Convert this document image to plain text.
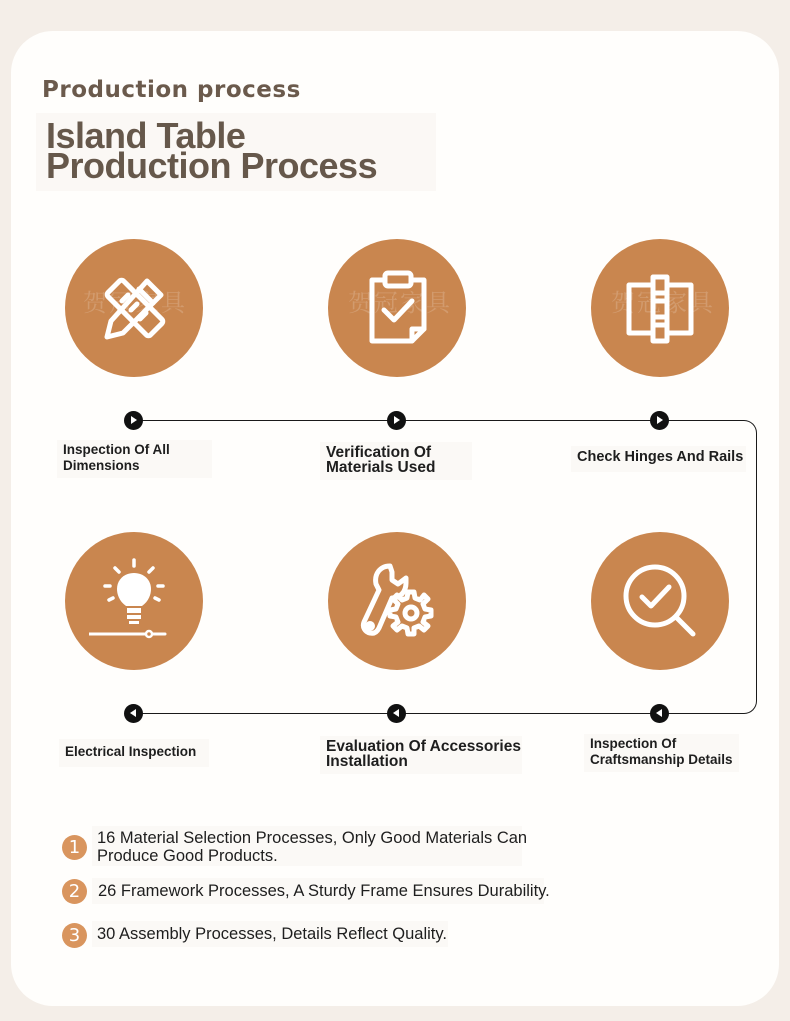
Production process
Island Table
Production Process
贺冠家具	贺冠家具	贺冠家具
Inspection Of All
Dimensions
Verification Of
Materials Used
Check Hinges And Rails
Electrical Inspection	Evaluation Of Accessories
Installation
Inspection Of
Craftsmanship Details
1	16 Material Selection Processes, Only Good Materials Can
Produce Good Products.
2	26 Framework Processes, A Sturdy Frame Ensures Durability.
3	30 Assembly Processes, Details Reflect Quality.
